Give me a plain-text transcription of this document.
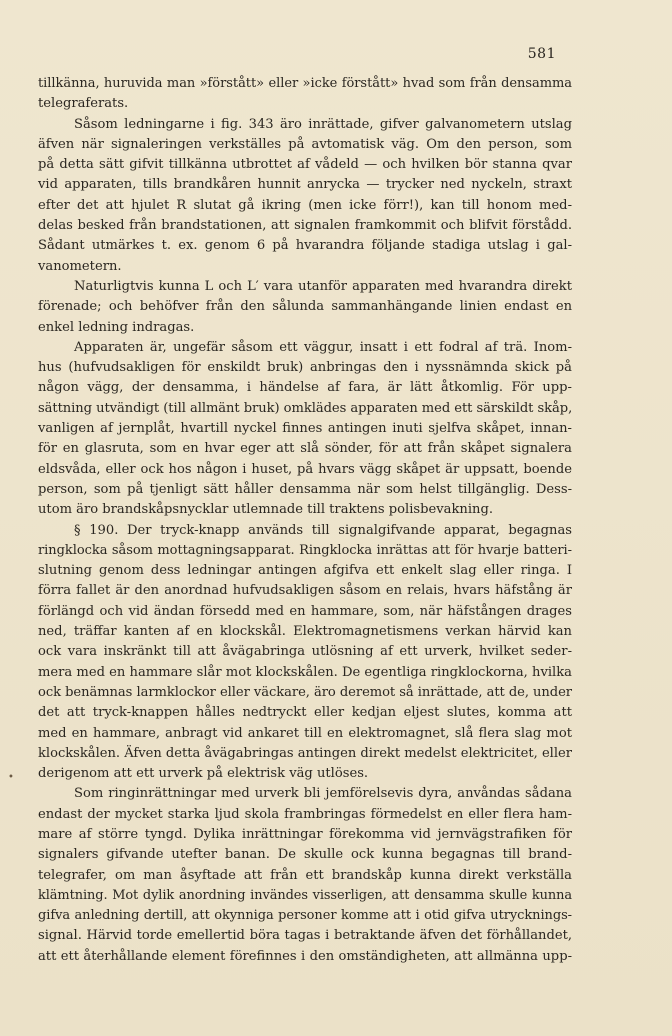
581
tillkänna, huruvida man »förstått» eller »icke förstått» hvad som från densamma
telegraferats.
Såsom ledningarne i fig. 343 äro inrättade, gifver galvanometern utslag
äfven när signaleringen verkställes på avtomatisk väg. Om den person, som
på detta sätt gifvit tillkänna utbrottet af vådeld — och hvilken bör stanna qvar
vid apparaten, tills brandkåren hunnit anrycka — trycker ned nyckeln, straxt
efter det att hjulet R slutat gå ikring (men icke förr!), kan till honom med-
delas besked från brandstationen, att signalen framkommit och blifvit förstådd.
Sådant utmärkes t. ex. genom 6 på hvarandra följande stadiga utslag i gal-
vanometern.
Naturligtvis kunna L och L′ vara utanför apparaten med hvarandra direkt
förenade; och behöfver från den sålunda sammanhängande linien endast en
enkel ledning indragas.
Apparaten är, ungefär såsom ett väggur, insatt i ett fodral af trä. Inom-
hus (hufvudsakligen för enskildt bruk) anbringas den i nyssnämnda skick på
någon vägg, der densamma, i händelse af fara, är lätt åtkomlig. För upp-
sättning utvändigt (till allmänt bruk) omklädes apparaten med ett särskildt skåp,
vanligen af jernplåt, hvartill nyckel finnes antingen inuti sjelfva skåpet, innan-
för en glasruta, som en hvar eger att slå sönder, för att från skåpet signalera
eldsvåda, eller ock hos någon i huset, på hvars vägg skåpet är uppsatt, boende
person, som på tjenligt sätt håller densamma när som helst tillgänglig. Dess-
utom äro brandskåpsnycklar utlemnade till traktens polisbevakning.
§ 190. Der tryck-knapp används till signalgifvande apparat, begagnas
ringklocka såsom mottagningsapparat. Ringklocka inrättas att för hvarje batteri-
slutning genom dess ledningar antingen afgifva ett enkelt slag eller ringa. I
förra fallet är den anordnad hufvudsakligen såsom en relais, hvars häfstång är
förlängd och vid ändan försedd med en hammare, som, när häfstången drages
ned, träffar kanten af en klockskål. Elektromagnetismens verkan härvid kan
ock vara inskränkt till att åvägabringa utlösning af ett urverk, hvilket seder-
mera med en hammare slår mot klockskålen. De egentliga ringklockorna, hvilka
ock benämnas larmklockor eller väckare, äro deremot så inrättade, att de, under
det att tryck-knappen hålles nedtryckt eller kedjan eljest slutes, komma att
med en hammare, anbragt vid ankaret till en elektromagnet, slå flera slag mot
klockskålen. Äfven detta åvägabringas antingen direkt medelst elektricitet, eller
derigenom att ett urverk på elektrisk väg utlöses.
Som ringinrättningar med urverk bli jemförelsevis dyra, anvåndas sådana
endast der mycket starka ljud skola frambringas förmedelst en eller flera ham-
mare af större tyngd. Dylika inrättningar förekomma vid jernvägstrafiken för
signalers gifvande utefter banan. De skulle ock kunna begagnas till brand-
telegrafer, om man åsyftade att från ett brandskåp kunna direkt verkställa
klämtning. Mot dylik anordning invändes visserligen, att densamma skulle kunna
gifva anledning dertill, att okynniga personer komme att i otid gifva utrycknings-
signal. Härvid torde emellertid böra tagas i betraktande äfven det förhållandet,
att ett återhållande element förefinnes i den omständigheten, att allmänna upp-
•
